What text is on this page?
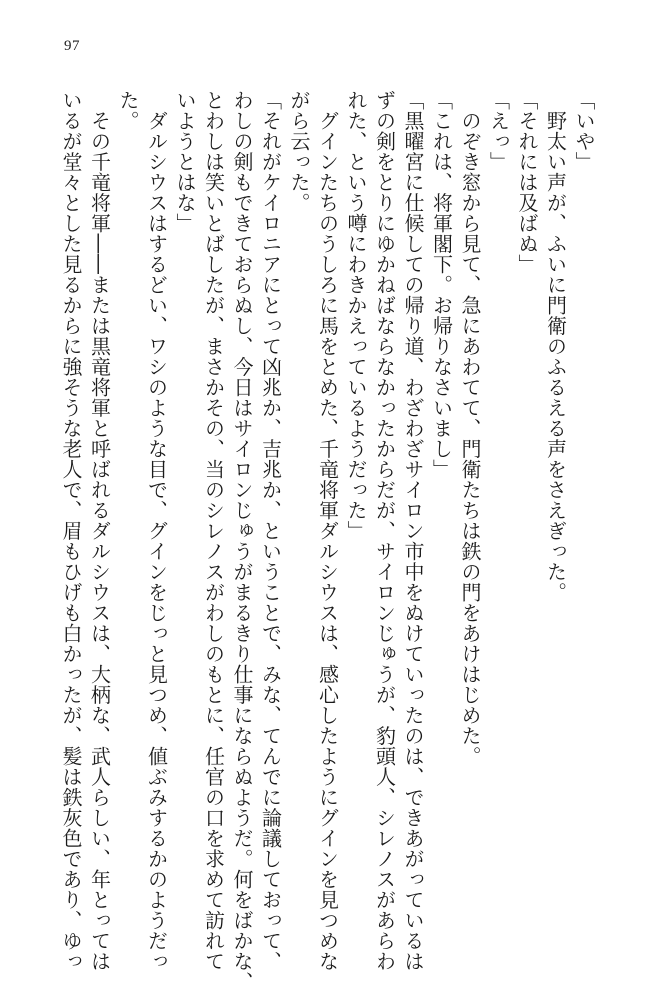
97
「いや」
　野太い声が、ふいに門衛のふるえる声をさえぎった。
「それには及ばぬ」
「えっ」
　のぞき窓から見て、急にあわてて、門衛たちは鉄の門をあけはじめた。
「これは、将軍閣下。お帰りなさいまし」
「黒曜宮に仕候しての帰り道、わざわざサイロン市中をぬけていったのは、できあがっているは
ずの剣をとりにゆかねばならなかったからだが、サイロンじゅうが、豹頭人、シレノスがあらわ
れた、という噂にわきかえっているようだった」
　グインたちのうしろに馬をとめた、千竜将軍ダルシウスは、感心したようにグインを見つめな
がら云った。
「それがケイロニアにとって凶兆か、吉兆か、ということで、みな、てんでに論議しておって、
わしの剣もできておらぬし、今日はサイロンじゅうがまるきり仕事にならぬようだ。何をばかな、
とわしは笑いとばしたが、まさかその、当のシレノスがわしのもとに、任官の口を求めて訪れて
いようとはな」
　ダルシウスはするどい、ワシのような目で、グインをじっと見つめ、値ぶみするかのようだっ
た。
　その千竜将軍――または黒竜将軍と呼ばれるダルシウスは、大柄な、武人らしい、年とっては
いるが堂々とした見るからに強そうな老人で、眉もひげも白かったが、髪は鉄灰色であり、ゆっ
